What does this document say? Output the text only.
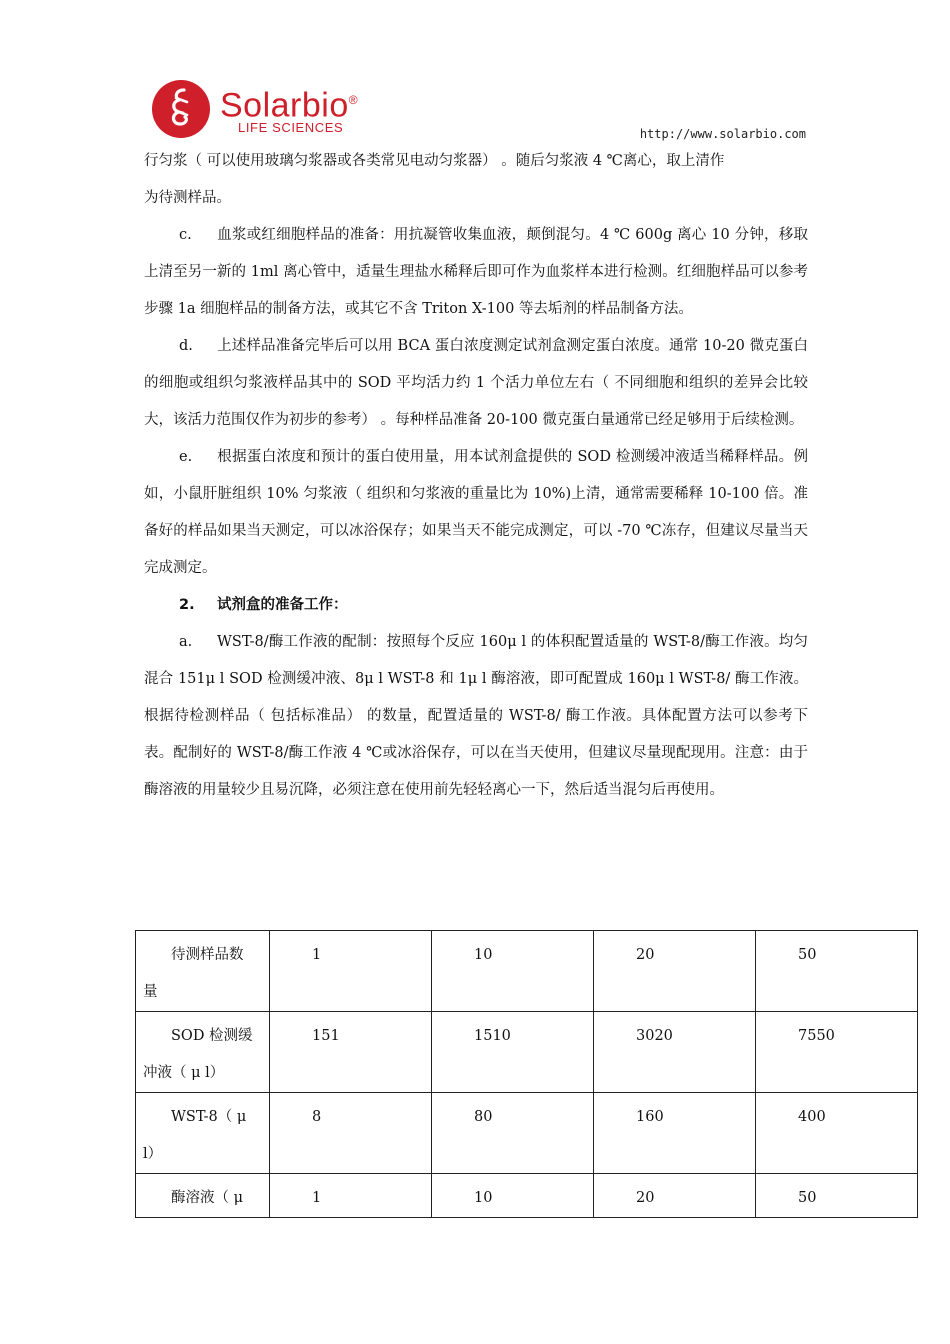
Solarbio®
LIFE SCIENCES	http://www.solarbio.com

行匀浆（ 可以使用玻璃匀浆器或各类常见电动匀浆器） 。随后匀浆液 4 ℃离心，取上清作

为待测样品。

c. 血浆或红细胞样品的准备：用抗凝管收集血液，颠倒混匀。4 ℃ 600g 离心 10 分钟，移取上清至另一新的 1ml 离心管中，适量生理盐水稀释后即可作为血浆样本进行检测。红细胞样品可以参考步骤 1a 细胞样品的制备方法，或其它不含 Triton X-100 等去垢剂的样品制备方法。

d. 上述样品准备完毕后可以用 BCA 蛋白浓度测定试剂盒测定蛋白浓度。通常 10-20 微克蛋白的细胞或组织匀浆液样品其中的 SOD 平均活力约 1 个活力单位左右（ 不同细胞和组织的差异会比较大，该活力范围仅作为初步的参考） 。每种样品准备 20-100 微克蛋白量通常已经足够用于后续检测。

e. 根据蛋白浓度和预计的蛋白使用量，用本试剂盒提供的 SOD 检测缓冲液适当稀释样品。例如，小鼠肝脏组织 10% 匀浆液（ 组织和匀浆液的重量比为 10%)上清，通常需要稀释 10-100 倍。准备好的样品如果当天测定，可以冰浴保存；如果当天不能完成测定，可以 -70 ℃冻存，但建议尽量当天完成测定。

2. 试剂盒的准备工作：

a. WST-8/酶工作液的配制：按照每个反应 160μ l 的体积配置适量的 WST-8/酶工作液。均匀混合 151μ l SOD 检测缓冲液、8μ l WST-8 和 1μ l 酶溶液，即可配置成 160μ l WST-8/ 酶工作液。根据待检测样品（ 包括标准品） 的数量，配置适量的 WST-8/ 酶工作液。具体配置方法可以参考下表。配制好的 WST-8/酶工作液 4 ℃或冰浴保存，可以在当天使用，但建议尽量现配现用。注意：由于酶溶液的用量较少且易沉降，必须注意在使用前先轻轻离心一下，然后适当混匀后再使用。

待测样品数
量	1	10	20	50

SOD 检测缓
冲液（ μ l）	151	1510	3020	7550

WST-8（ μ
l）	8	80	160	400

酶溶液（ μ	1	10	20	50
